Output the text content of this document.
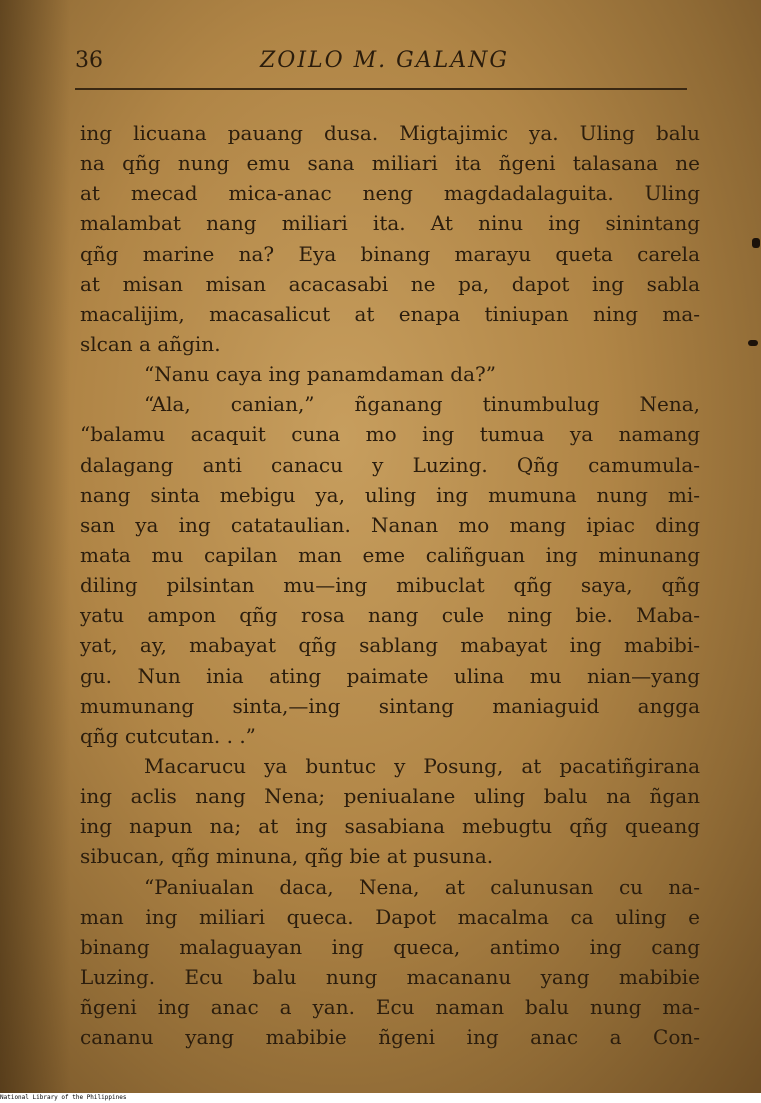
36	ZOILO M. GALANG
ing licuana pauang dusa. Migtajimic ya. Uling balu
na qñg nung emu sana miliari ita ñgeni talasana ne
at mecad mica-anac neng magdadalaguita. Uling
malambat nang miliari ita. At ninu ing sinintang
qñg marine na? Eya binang marayu queta carela
at misan misan acacasabi ne pa, dapot ing sabla
macalijim, macasalicut at enapa tiniupan ning ma-
slcan a añgin.
“Nanu caya ing panamdaman da?”
“Ala, canian,” ñganang tinumbulug Nena,
“balamu acaquit cuna mo ing tumua ya namang
dalagang anti canacu y Luzing. Qñg camumula-
nang sinta mebigu ya, uling ing mumuna nung mi-
san ya ing catataulian. Nanan mo mang ipiac ding
mata mu capilan man eme caliñguan ing minunang
diling pilsintan mu—ing mibuclat qñg saya, qñg
yatu ampon qñg rosa nang cule ning bie. Maba-
yat, ay, mabayat qñg sablang mabayat ing mabibi-
gu. Nun inia ating paimate ulina mu nian—yang
mumunang sinta,—ing sintang maniaguid angga
qñg cutcutan. . .”
Macarucu ya buntuc y Posung, at pacatiñgirana
ing aclis nang Nena; peniualane uling balu na ñgan
ing napun na; at ing sasabiana mebugtu qñg queang
sibucan, qñg minuna, qñg bie at pusuna.
“Paniualan daca, Nena, at calunusan cu na-
man ing miliari queca. Dapot macalma ca uling e
binang malaguayan ing queca, antimo ing cang
Luzing. Ecu balu nung macananu yang mabibie
ñgeni ing anac a yan. Ecu naman balu nung ma-
cananu yang mabibie ñgeni ing anac a Con-
National Library of the Philippines
